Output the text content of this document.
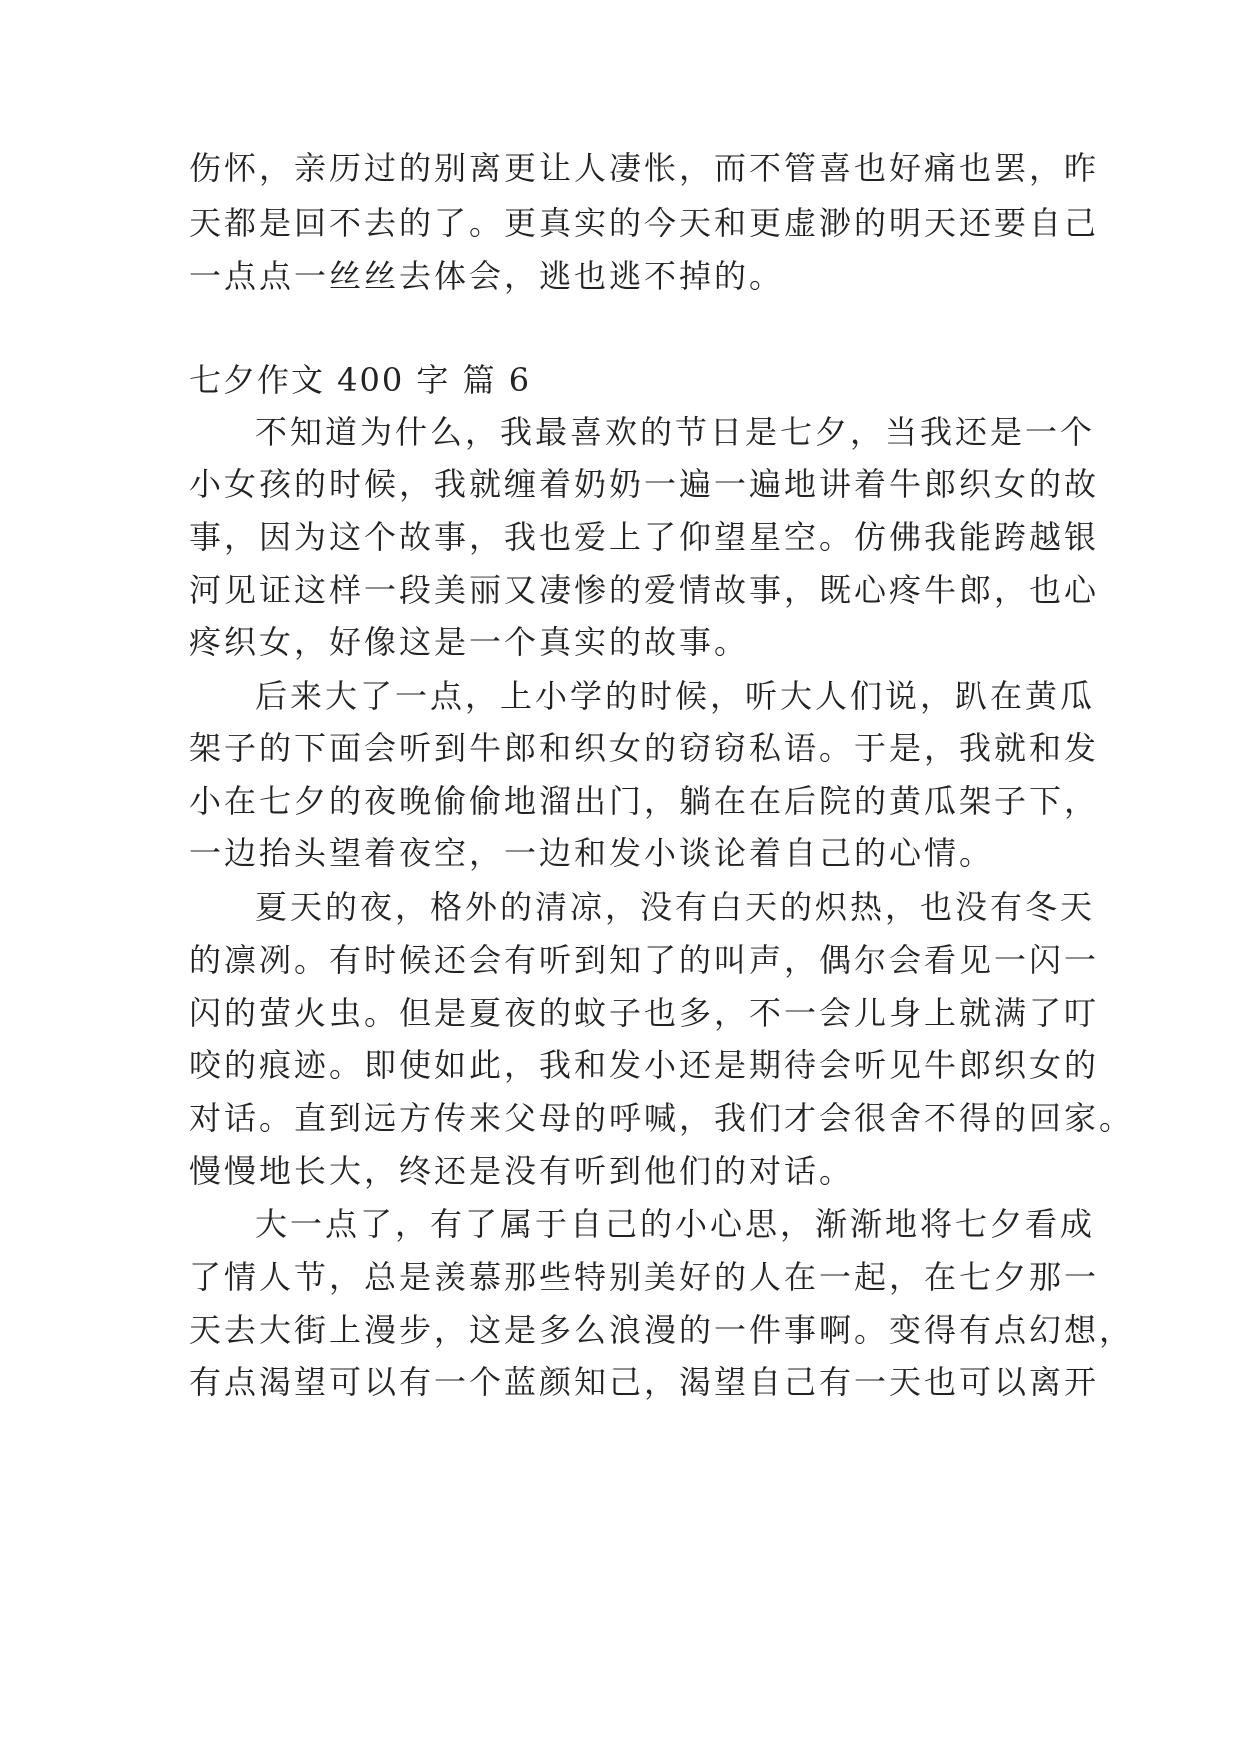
伤怀，亲历过的别离更让人凄怅，而不管喜也好痛也罢，昨
天都是回不去的了。更真实的今天和更虚渺的明天还要自己
一点点一丝丝去体会，逃也逃不掉的。
七夕作文 400 字 篇 6
不知道为什么，我最喜欢的节日是七夕，当我还是一个
小女孩的时候，我就缠着奶奶一遍一遍地讲着牛郎织女的故
事，因为这个故事，我也爱上了仰望星空。仿佛我能跨越银
河见证这样一段美丽又凄惨的爱情故事，既心疼牛郎，也心
疼织女，好像这是一个真实的故事。
后来大了一点，上小学的时候，听大人们说，趴在黄瓜
架子的下面会听到牛郎和织女的窃窃私语。于是，我就和发
小在七夕的夜晚偷偷地溜出门，躺在在后院的黄瓜架子下，
一边抬头望着夜空，一边和发小谈论着自己的心情。
夏天的夜，格外的清凉，没有白天的炽热，也没有冬天
的凛冽。有时候还会有听到知了的叫声，偶尔会看见一闪一
闪的萤火虫。但是夏夜的蚊子也多，不一会儿身上就满了叮
咬的痕迹。即使如此，我和发小还是期待会听见牛郎织女的
对话。直到远方传来父母的呼喊，我们才会很舍不得的回家。
慢慢地长大，终还是没有听到他们的对话。
大一点了，有了属于自己的小心思，渐渐地将七夕看成
了情人节，总是羡慕那些特别美好的人在一起，在七夕那一
天去大街上漫步，这是多么浪漫的一件事啊。变得有点幻想，
有点渴望可以有一个蓝颜知己，渴望自己有一天也可以离开
